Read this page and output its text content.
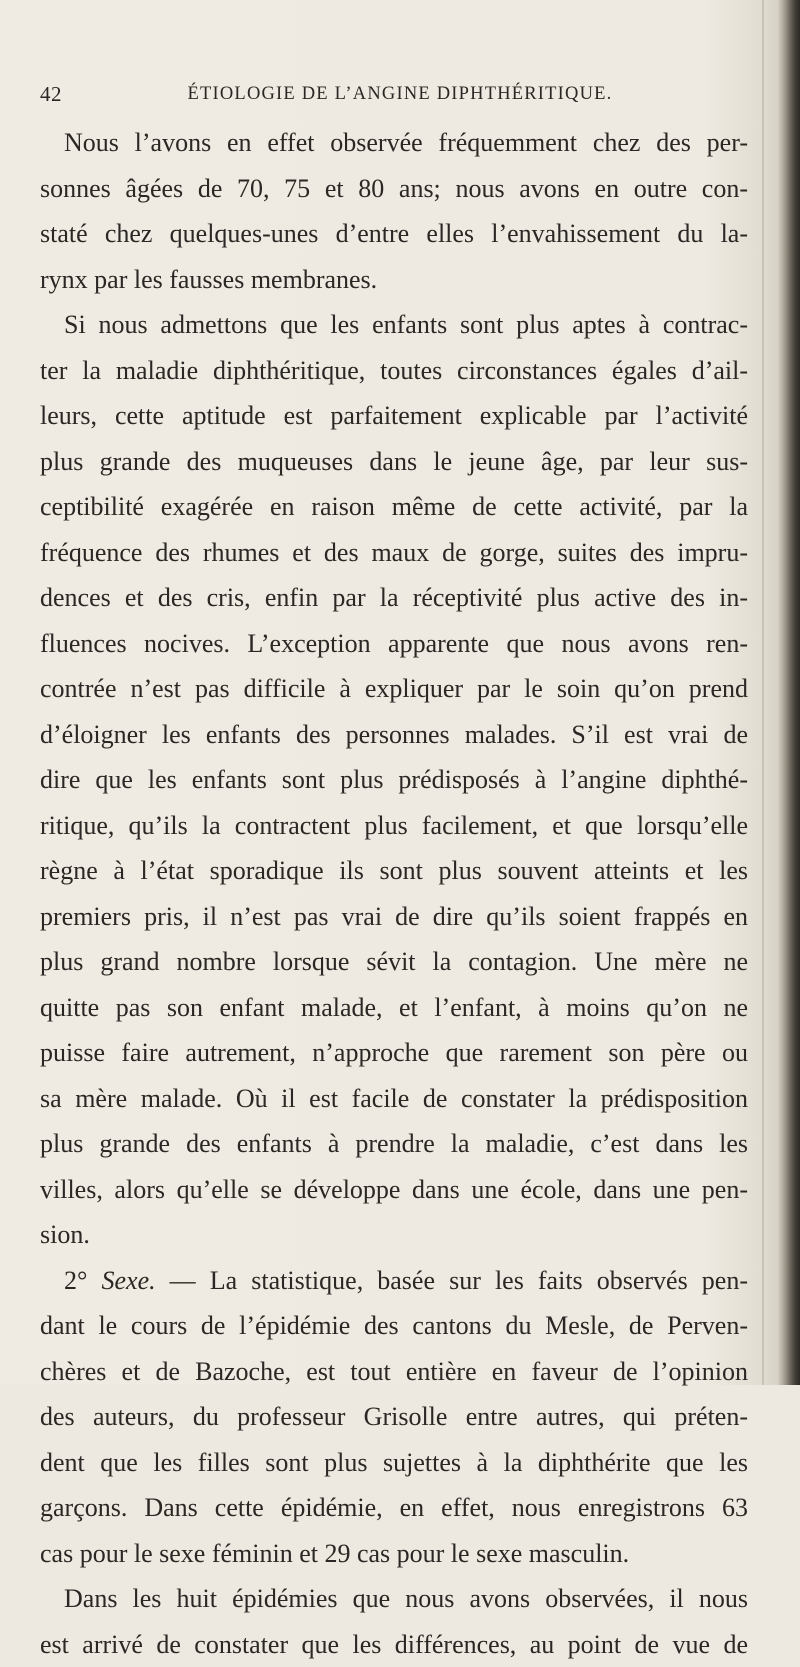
42	ÉTIOLOGIE DE L’ANGINE DIPHTHÉRITIQUE.
Nous l’avons en effet observée fréquemment chez des per-
sonnes âgées de 70, 75 et 80 ans; nous avons en outre con-
staté chez quelques-unes d’entre elles l’envahissement du la-
rynx par les fausses membranes.
Si nous admettons que les enfants sont plus aptes à contrac-
ter la maladie diphthéritique, toutes circonstances égales d’ail-
leurs, cette aptitude est parfaitement explicable par l’activité
plus grande des muqueuses dans le jeune âge, par leur sus-
ceptibilité exagérée en raison même de cette activité, par la
fréquence des rhumes et des maux de gorge, suites des impru-
dences et des cris, enfin par la réceptivité plus active des in-
fluences nocives. L’exception apparente que nous avons ren-
contrée n’est pas difficile à expliquer par le soin qu’on prend
d’éloigner les enfants des personnes malades. S’il est vrai de
dire que les enfants sont plus prédisposés à l’angine diphthé-
ritique, qu’ils la contractent plus facilement, et que lorsqu’elle
règne à l’état sporadique ils sont plus souvent atteints et les
premiers pris, il n’est pas vrai de dire qu’ils soient frappés en
plus grand nombre lorsque sévit la contagion. Une mère ne
quitte pas son enfant malade, et l’enfant, à moins qu’on ne
puisse faire autrement, n’approche que rarement son père ou
sa mère malade. Où il est facile de constater la prédisposition
plus grande des enfants à prendre la maladie, c’est dans les
villes, alors qu’elle se développe dans une école, dans une pen-
sion.
2° Sexe. — La statistique, basée sur les faits observés pen-
dant le cours de l’épidémie des cantons du Mesle, de Perven-
chères et de Bazoche, est tout entière en faveur de l’opinion
des auteurs, du professeur Grisolle entre autres, qui préten-
dent que les filles sont plus sujettes à la diphthérite que les
garçons. Dans cette épidémie, en effet, nous enregistrons 63
cas pour le sexe féminin et 29 cas pour le sexe masculin.
Dans les huit épidémies que nous avons observées, il nous
est arrivé de constater que les différences, au point de vue de
